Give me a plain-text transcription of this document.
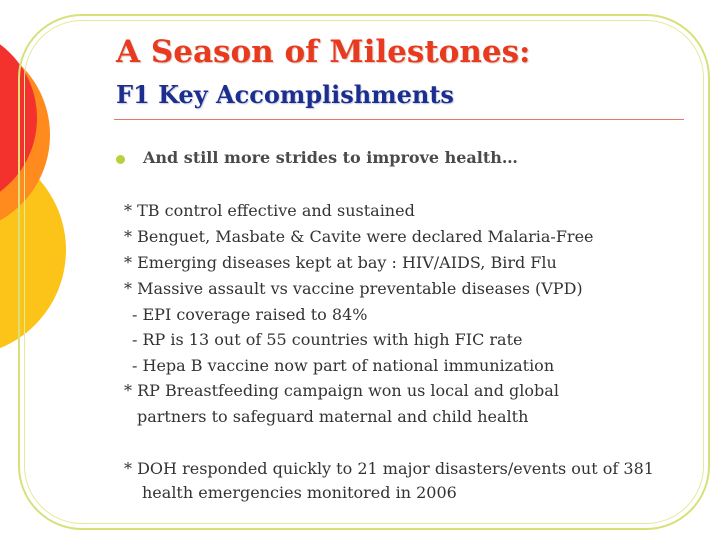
A Season of Milestones:
F1 Key Accomplishments
And still more strides to improve health…
* TB control effective and sustained
* Benguet, Masbate & Cavite were declared Malaria-Free
* Emerging diseases kept at bay : HIV/AIDS, Bird Flu
* Massive assault vs vaccine preventable diseases (VPD)
- EPI coverage raised to 84%
- RP is 13 out of 55 countries with high FIC rate
- Hepa B vaccine now part of national immunization
* RP Breastfeeding campaign won us local and global
partners to safeguard maternal and child health
* DOH responded quickly to 21 major disasters/events out of 381
health emergencies monitored in 2006
